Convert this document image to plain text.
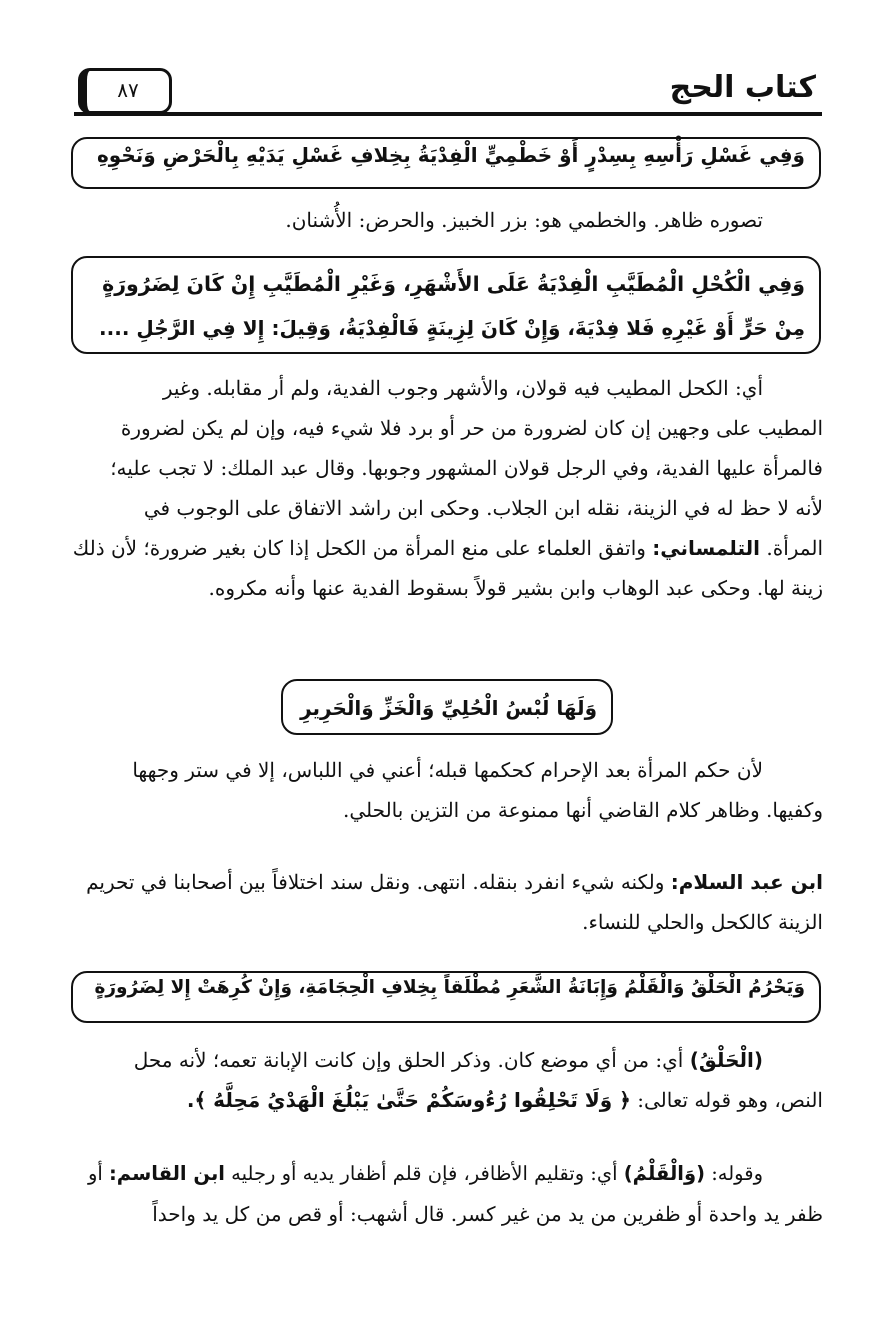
كتاب الحج
٨٧

وَفِي غَسْلِ رَأْسِهِ بِسِدْرٍ أَوْ خَطْمِيٍّ الْفِدْيَةُ بِخِلافِ غَسْلِ يَدَيْهِ بِالْحَرْضِ وَنَحْوِهِ

تصوره ظاهر. والخطمي هو: بزر الخبيز. والحرض: الأُشنان.

وَفِي الْكُحْلِ الْمُطَيَّبِ الْفِدْيَةُ عَلَى الأَشْهَرِ، وَغَيْرِ الْمُطَيَّبِ إِنْ كَانَ لِضَرُورَةٍ

مِنْ حَرٍّ أَوْ غَيْرِهِ فَلا فِدْيَةَ، وَإِنْ كَانَ لِزِينَةٍ فَالْفِدْيَةُ، وَقِيلَ: إِلا فِي الرَّجُلِ ....

أي: الكحل المطيب فيه قولان، والأشهر وجوب الفدية، ولم أر مقابله. وغير

المطيب على وجهين إن كان لضرورة من حر أو برد فلا شيء فيه، وإن لم يكن لضرورة

فالمرأة عليها الفدية، وفي الرجل قولان المشهور وجوبها. وقال عبد الملك: لا تجب عليه؛

لأنه لا حظ له في الزينة، نقله ابن الجلاب. وحكى ابن راشد الاتفاق على الوجوب في

المرأة. التلمساني: واتفق العلماء على منع المرأة من الكحل إذا كان بغير ضرورة؛ لأن ذلك

زينة لها. وحكى عبد الوهاب وابن بشير قولاً بسقوط الفدية عنها وأنه مكروه.

وَلَهَا لُبْسُ الْحُلِيِّ وَالْخَزِّ وَالْحَرِيرِ

لأن حكم المرأة بعد الإحرام كحكمها قبله؛ أعني في اللباس، إلا في ستر وجهها

وكفيها. وظاهر كلام القاضي أنها ممنوعة من التزين بالحلي.

ابن عبد السلام: ولكنه شيء انفرد بنقله. انتهى. ونقل سند اختلافاً بين أصحابنا في تحريم

الزينة كالكحل والحلي للنساء.

وَيَحْرُمُ الْحَلْقُ وَالْقَلْمُ وَإِبَانَةُ الشَّعَرِ مُطْلَقاً بِخِلافِ الْحِجَامَةِ، وَإِنْ كُرِهَتْ إِلا لِضَرُورَةٍ

(الْحَلْقُ) أي: من أي موضع كان. وذكر الحلق وإن كانت الإبانة تعمه؛ لأنه محل

النص، وهو قوله تعالى: ﴿ وَلَا تَحْلِقُوا رُءُوسَكُمْ حَتَّىٰ يَبْلُغَ الْهَدْيُ مَحِلَّهُ ﴾.

وقوله: (وَالْقَلْمُ) أي: وتقليم الأظافر، فإن قلم أظفار يديه أو رجليه ابن القاسم: أو

ظفر يد واحدة أو ظفرين من يد من غير كسر. قال أشهب: أو قص من كل يد واحداً
